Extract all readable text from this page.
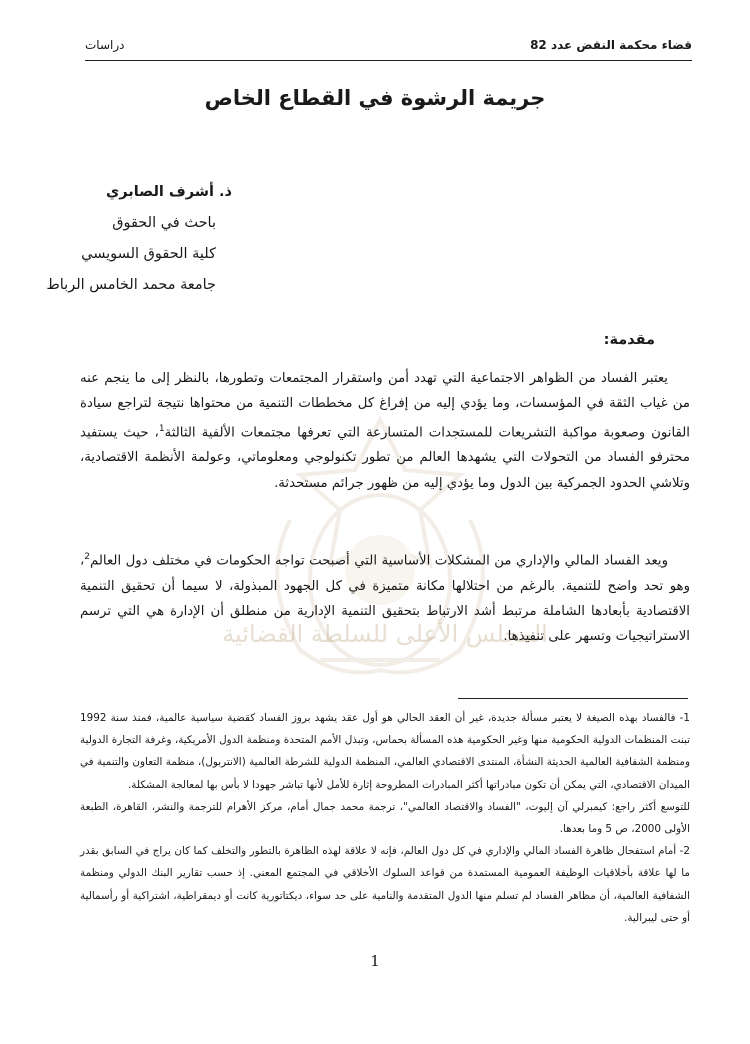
المجلس الأعلى للسلطة القضائية
دراسات	قضاء محكمة النقض عدد 82
جريمة الرشوة في القطاع الخاص
ذ. أشرف الصابري
باحث في الحقوق
كلية الحقوق السويسي
جامعة محمد الخامس الرباط
مقدمة:

يعتبر الفساد من الظواهر الاجتماعية التي تهدد أمن واستقرار المجتمعات وتطورها، بالنظر إلى ما ينجم عنه من غياب الثقة في المؤسسات، وما يؤدي إليه من إفراغ كل مخططات التنمية من محتواها نتيجة لتراجع سيادة القانون وصعوبة مواكبة التشريعات للمستجدات المتسارعة التي تعرفها مجتمعات الألفية الثالثة$^1$، حيث يستفيد محترفو الفساد من التحولات التي يشهدها العالم من تطور تكنولوجي ومعلوماتي، وعولمة الأنظمة الاقتصادية، وتلاشي الحدود الجمركية بين الدول وما يؤدي إليه من ظهور جرائم مستحدثة.

ويعد الفساد المالي والإداري من المشكلات الأساسية التي أصبحت تواجه الحكومات في مختلف دول العالم$^2$، وهو تحد واضح للتنمية. بالرغم من احتلالها مكانة متميزة في كل الجهود المبذولة، لا سيما أن تحقيق التنمية الاقتصادية بأبعادها الشاملة مرتبط أشد الارتباط بتحقيق التنمية الإدارية من منطلق أن الإدارة هي التي ترسم الاستراتيجيات وتسهر على تنفيذها.

1- فالفساد بهذه الصيغة لا يعتبر مسألة جديدة، غير أن العقد الحالي هو أول عقد يشهد بروز الفساد كقضية سياسية عالمية، فمنذ سنة 1992 تبنت المنظمات الدولية الحكومية منها وغير الحكومية هذه المسألة بحماس، وتبذل الأمم المتحدة ومنظمة الدول الأمريكية، وغرفة التجارة الدولية ومنظمة الشفافية العالمية الحديثة النشأة، المنتدى الاقتصادي العالمي، المنظمة الدولية للشرطة العالمية (الانتربول)، منظمة التعاون والتنمية في الميدان الاقتصادي، التي يمكن أن تكون مبادراتها أكثر المبادرات المطروحة إثارة للأمل لأنها تباشر جهودا لا بأس بها لمعالجة المشكلة.

للتوسع أكثر راجع: كيمبرلي آن إليوت، "الفساد والاقتصاد العالمي"، ترجمة محمد جمال أمام، مركز الأهرام للترجمة والنشر، القاهرة، الطبعة الأولى 2000، ص 5 وما بعدها.

2- أمام استفحال ظاهرة الفساد المالي والإداري في كل دول العالم، فإنه لا علاقة لهذه الظاهرة بالتطور والتخلف كما كان يراج في السابق بقدر ما لها علاقة بأخلاقيات الوظيفة العمومية المستمدة من قواعد السلوك الأخلاقي في المجتمع المعني. إذ حسب تقارير البنك الدولي ومنظمة الشفافية العالمية، أن مظاهر الفساد لم تسلم منها الدول المتقدمة والنامية على حد سواء، ديكتاتورية كانت أو ديمقراطية، اشتراكية أو رأسمالية أو حتى ليبرالية.

1
